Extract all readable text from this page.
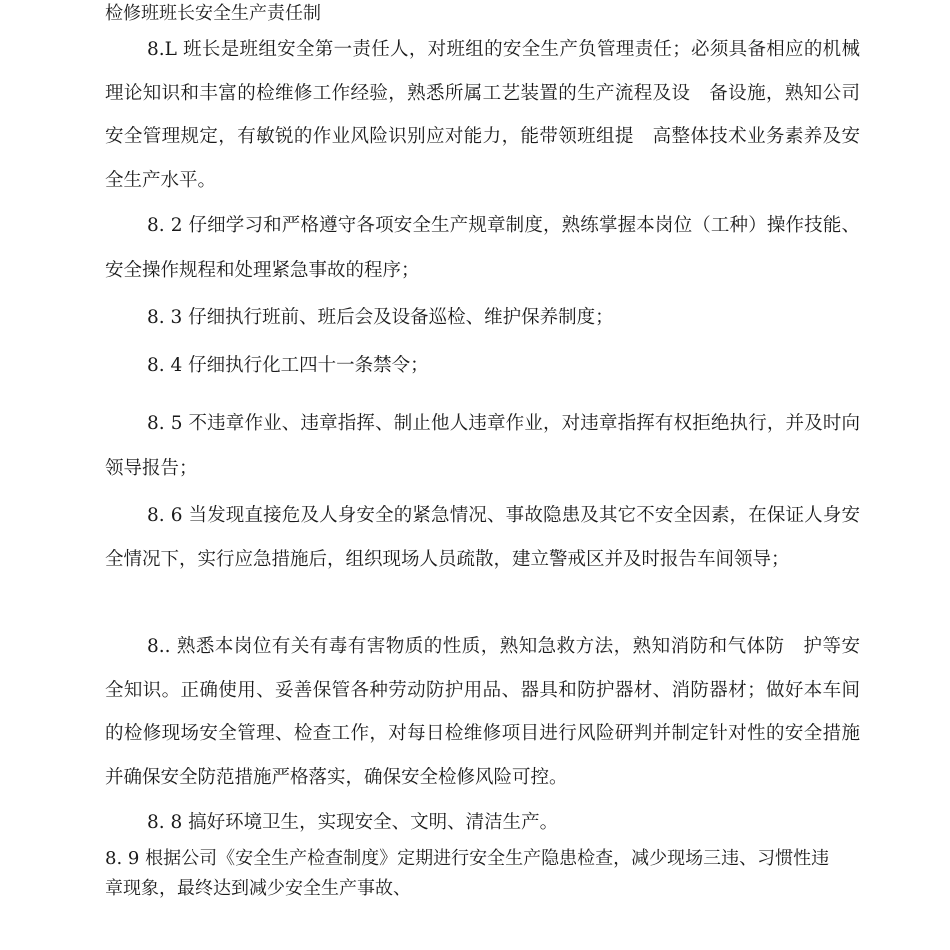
检修班班长安全生产责任制

8.L 班长是班组安全第一责任人，对班组的安全生产负管理责任；必须具备相应的机械理论知识和丰富的检维修工作经验，熟悉所属工艺装置的生产流程及设　备设施，熟知公司安全管理规定，有敏锐的作业风险识别应对能力，能带领班组提　高整体技术业务素养及安全生产水平。

8. 2 仔细学习和严格遵守各项安全生产规章制度，熟练掌握本岗位（工种）操作技能、安全操作规程和处理紧急事故的程序；

8. 3 仔细执行班前、班后会及设备巡检、维护保养制度；
8. 4 仔细执行化工四十一条禁令；

8. 5 不违章作业、违章指挥、制止他人违章作业，对违章指挥有权拒绝执行，并及时向领导报告；

8. 6 当发现直接危及人身安全的紧急情况、事故隐患及其它不安全因素，在保证人身安全情况下，实行应急措施后，组织现场人员疏散，建立警戒区并及时报告车间领导；

8.. 熟悉本岗位有关有毒有害物质的性质，熟知急救方法，熟知消防和气体防　护等安全知识。正确使用、妥善保管各种劳动防护用品、器具和防护器材、消防器材；做好本车间的检修现场安全管理、检查工作，对每日检维修项目进行风险研判并制定针对性的安全措施并确保安全防范措施严格落实，确保安全检修风险可控。

8. 8 搞好环境卫生，实现安全、文明、清洁生产。

8. 9 根据公司《安全生产检查制度》定期进行安全生产隐患检查，减少现场三违、习惯性违章现象，最终达到减少安全生产事故、
